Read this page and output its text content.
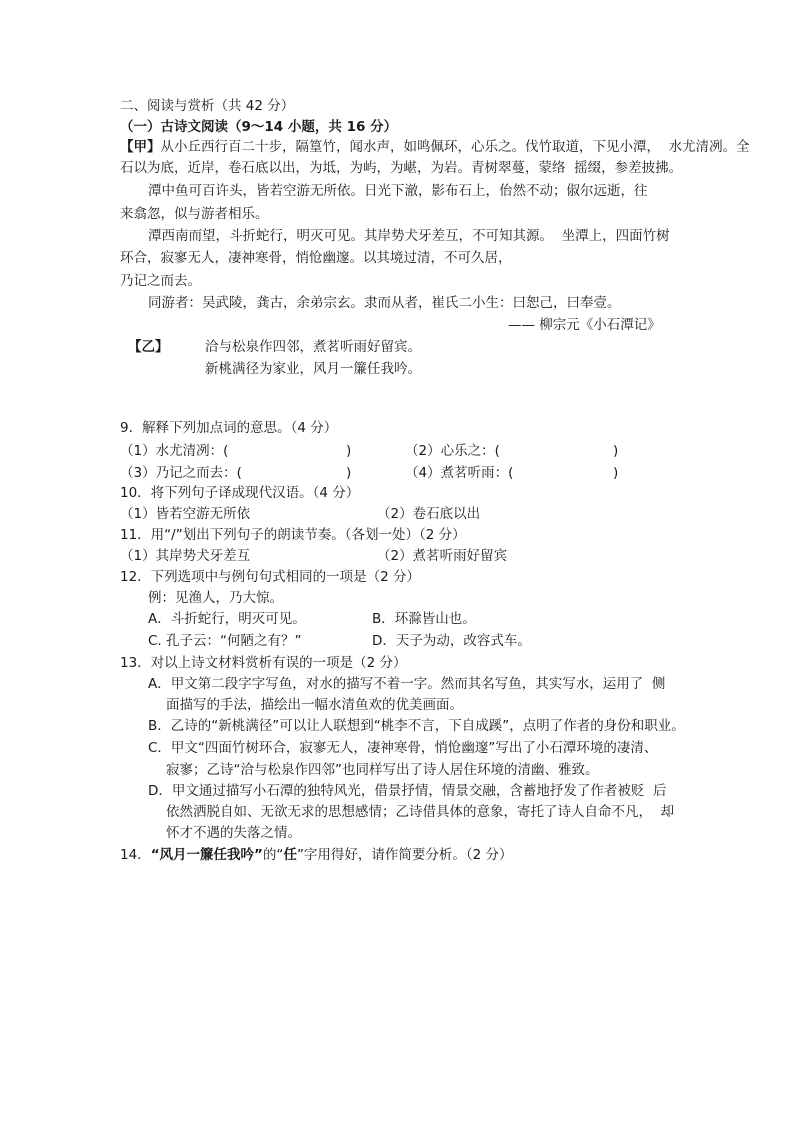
二、阅读与赏析（共 42 分）
（一）古诗文阅读（9～14 小题，共 16 分）
【甲】从小丘西行百二十步，隔篁竹，闻水声，如鸣佩环，心乐之。伐竹取道，下见小潭，  水尤清冽。全
石以为底，近岸，卷石底以出，为坻，为屿，为嵁，为岩。青树翠蔓，蒙络  摇缀，参差披拂。
潭中鱼可百许头，皆若空游无所依。日光下澈，影布石上，佁然不动；俶尔远逝，往
来翕忽，似与游者相乐。
潭西南而望，斗折蛇行，明灭可见。其岸势犬牙差互，不可知其源。  坐潭上，四面竹树
环合，寂寥无人，凄神寒骨，悄怆幽邃。以其境过清，不可久居，
乃记之而去。
同游者：吴武陵，龚古，余弟宗玄。隶而从者，崔氏二小生：曰恕己，曰奉壹。
—— 柳宗元《小石潭记》
【乙】	洽与松泉作四邻，煮茗听雨好留宾。
新桃满径为家业，风月一簾任我吟。
9．解释下列加点词的意思。（4 分）
（1）水尤清冽：(	)	（2）心乐之：(	)
（3）乃记之而去：(	)	（4）煮茗听雨：(	)
10．将下列句子译成现代汉语。（4 分）
（1）皆若空游无所依	（2）卷石底以出
11．用“/”划出下列句子的朗读节奏。（各划一处）（2 分）
（1）其岸势犬牙差互	（2）煮茗听雨好留宾
12．下列选项中与例句句式相同的一项是（2 分）
例：见渔人，乃大惊。
A．斗折蛇行，明灭可见。	B．环滁皆山也。
C. 孔子云：“何陋之有？”	D．天子为动，改容式车。
13．对以上诗文材料赏析有误的一项是（2 分）
A．甲文第二段字字写鱼，对水的描写不着一字。然而其名写鱼，其实写水，运用了  侧
面描写的手法，描绘出一幅水清鱼欢的优美画面。
B．乙诗的“新桃满径”可以让人联想到“桃李不言，下自成蹊”，点明了作者的身份和职业。
C．甲文“四面竹树环合，寂寥无人，凄神寒骨，悄怆幽邃”写出了小石潭环境的凄清、
寂寥；乙诗“洽与松泉作四邻”也同样写出了诗人居住环境的清幽、雅致。
D．甲文通过描写小石潭的独特风光，借景抒情，情景交融，含蓄地抒发了作者被贬  后
依然洒脱自如、无欲无求的思想感情；乙诗借具体的意象，寄托了诗人自命不凡，  却
怀才不遇的失落之情。
14．“风月一簾任我吟”的“任”字用得好，请作简要分析。（2 分）
